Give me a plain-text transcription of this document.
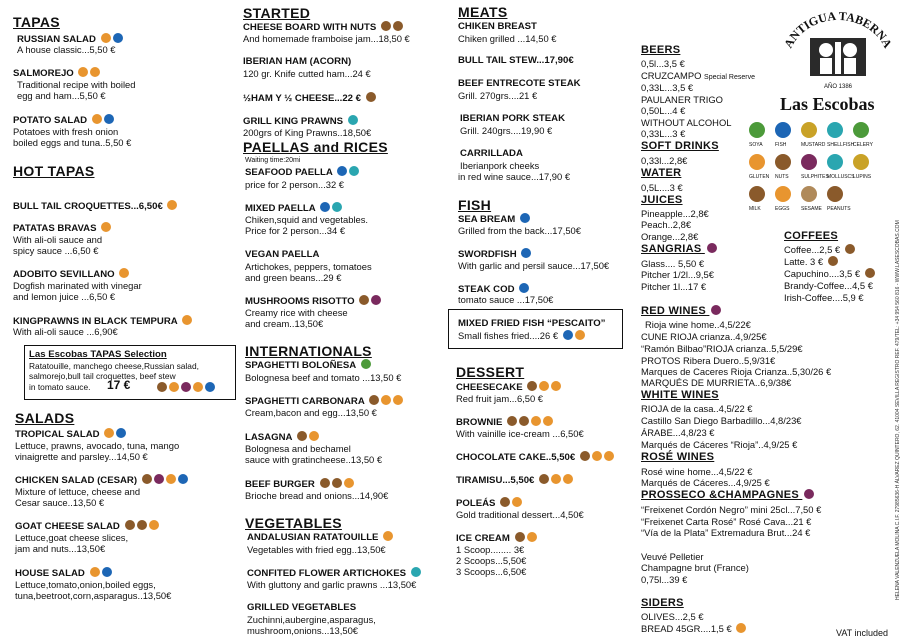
TAPAS
RUSSIAN SALAD
A house classic...5,50 €
SALMOREJO
Traditional recipe with boiled
egg and ham...5,50 €
POTATO SALAD
Potatoes with fresh onion
boiled eggs and tuna..5,50 €
HOT TAPAS
BULL TAIL CROQUETTES...6,50€
PATATAS BRAVAS
With ali-oli sauce and
spicy sauce ...6,50 €
ADOBITO SEVILLANO
Dogfish marinated with vinegar
and lemon juice ...6,50 €
KINGPRAWNS IN BLACK TEMPURA
With ali-oli sauce ...6,90€
Las Escobas TAPAS Selection
Ratatouille, manchego cheese,Russian salad,
salmorejo,bull tail croquettes, beef stew
in tomato sauce. 17 €
SALADS
TROPICAL SALAD
Lettuce, prawns, avocado, tuna, mango
vinaigrette and parsley...14,50 €
CHICKEN SALAD (CESAR)
Mixture of lettuce, cheese and
Cesar sauce..13,50 €
GOAT CHEESE SALAD
Lettuce,goat cheese slices,
jam and nuts...13,50€
HOUSE SALAD
Lettuce,tomato,onion,boiled eggs,
tuna,beetroot,corn,asparagus..13,50€
STARTED
CHEESE BOARD WITH NUTS
And homemade framboise jam...18,50 €
IBERIAN HAM (ACORN)
120 gr. Knife cutted ham...24 €
½HAM Y ½ CHEESE...22 €
GRILL KING PRAWNS
200grs of King Prawns..18,50€
PAELLAS and RICES
Waiting time:20mi
SEAFOOD PAELLA
price for 2 person...32 €
MIXED PAELLA
Chiken,squid and vegetables.
Price for 2 person...34 €
VEGAN PAELLA
Artichokes, peppers, tomatoes
and green beans...29 €
MUSHROOMS RISOTTO
Creamy rice with cheese
and cream..13,50€
INTERNATIONALS
SPAGHETTI BOLOÑESA
Bolognesa beef and tomato ...13,50 €
SPAGHETTI CARBONARA
Cream,bacon and egg...13,50 €
LASAGNA
Bolognesa and bechamel
sauce with gratincheese..13,50 €
BEEF BURGER
Brioche bread and onions...14,90€
VEGETABLES
ANDALUSIAN RATATOUILLE
Vegetables with fried egg..13,50€
CONFITED FLOWER ARTICHOKES
With gluttony and garlic prawns ...13,50€
GRILLED VEGETABLES
Zuchinni,aubergine,asparagus,
mushroom,onions...13,50€
MEATS
CHIKEN BREAST
Chiken grilled ...14,50 €
BULL TAIL STEW...17,90€
BEEF ENTRECOTE STEAK
Grill. 270grs....21 €
IBERIAN PORK STEAK
Grill. 240grs....19,90 €
CARRILLADA
Iberianpork cheeks
in red wine sauce...17,90 €
FISH
SEA BREAM
Grilled from the back...17,50€
SWORDFISH
With garlic and persil sauce...17,50€
STEAK COD
tomato sauce ...17,50€
MIXED FRIED FISH “PESCAITO”
Small fishes fried....26 €
DESSERT
CHEESECAKE
Red fruit jam...6,50 €
BROWNIE
With vainille ice-cream ...6,50€
CHOCOLATE CAKE..5,50€
TIRAMISU...5,50€
POLEÁS
Gold traditional dessert...4,50€
ICE CREAM
1 Scoop........ 3€
2 Scoops...5,50€
3 Scoops...6,50€
BEERS
0,5l...3,5 €
CRUZCAMPO Special Reserve
0,33L...3,5 €
PAULANER TRIGO
0,50L...4 €
WITHOUT ALCOHOL
0,33L...3 €
SOFT DRINKS
0,33l...2,8€
WATER
0,5L....3 €
JUICES
Pineapple...2,8€
Peach..2,8€
Orange...2,8€
SANGRIAS
Glass.... 5,50 €
Pitcher 1/2l...9,5€
Pitcher 1l...17 €
COFFEES
Coffee...2,5 €
Latte. 3 €
Capuchino....3,5 €
Brandy-Coffee...4,5 €
Irish-Coffee....5,9 €
RED WINES
Rioja wine home..4,5/22€
CUNE RIOJA crianza..4,9/25€
“Ramón Bilbao”RIOJA crianza..5,5/29€
PROTOS Ribera Duero..5,9/31€
Marques de Caceres Rioja Crianza..5,30/26 €
MARQUÉS DE MURRIETA..6,9/38€
WHITE WINES
RIOJA de la casa..4,5/22 €
Castillo San Diego Barbadillo...4,8/23€
ÁRABE...4,8/23 €
Marqués de Cáceres “Rioja”..4,9/25 €
ROSÉ WINES
Rosé wine home...4,5/22 €
Marqués de Cáceres...4,9/25 €
PROSSECO &CHAMPAGNES
“Freixenet Cordón Negro” mini 25cl...7,50 €
“Freixenet Carta Rosé” Rosé Cava...21 €
“Vía de la Plata” Extremadura Brut...24 €
Veuvé Pelletier
Champagne brut (France)
0,75l...39 €
SIDERS
OLIVES...2,5 €
BREAD 45GR....1,5 €	VAT included
ANTIGUA TABERNA
AÑO 1386
Las Escobas
SOYA	FISH	MUSTARD SHELLFISH
CELERY
GLUTEN NUTS	SULPHITES
MOLLUSCS
LUPINS
MILK	EGGS	SESAME PEANUTS
HELENA VALENZUELA MOLINA C.I.F. 27985636-H ÁLVAREZ QUINTERO, 62. 41004 SEVILLA REGISTRO REF. 479/TEL: +34 954 560 816 - WWW.LASESCOBAS.COM
